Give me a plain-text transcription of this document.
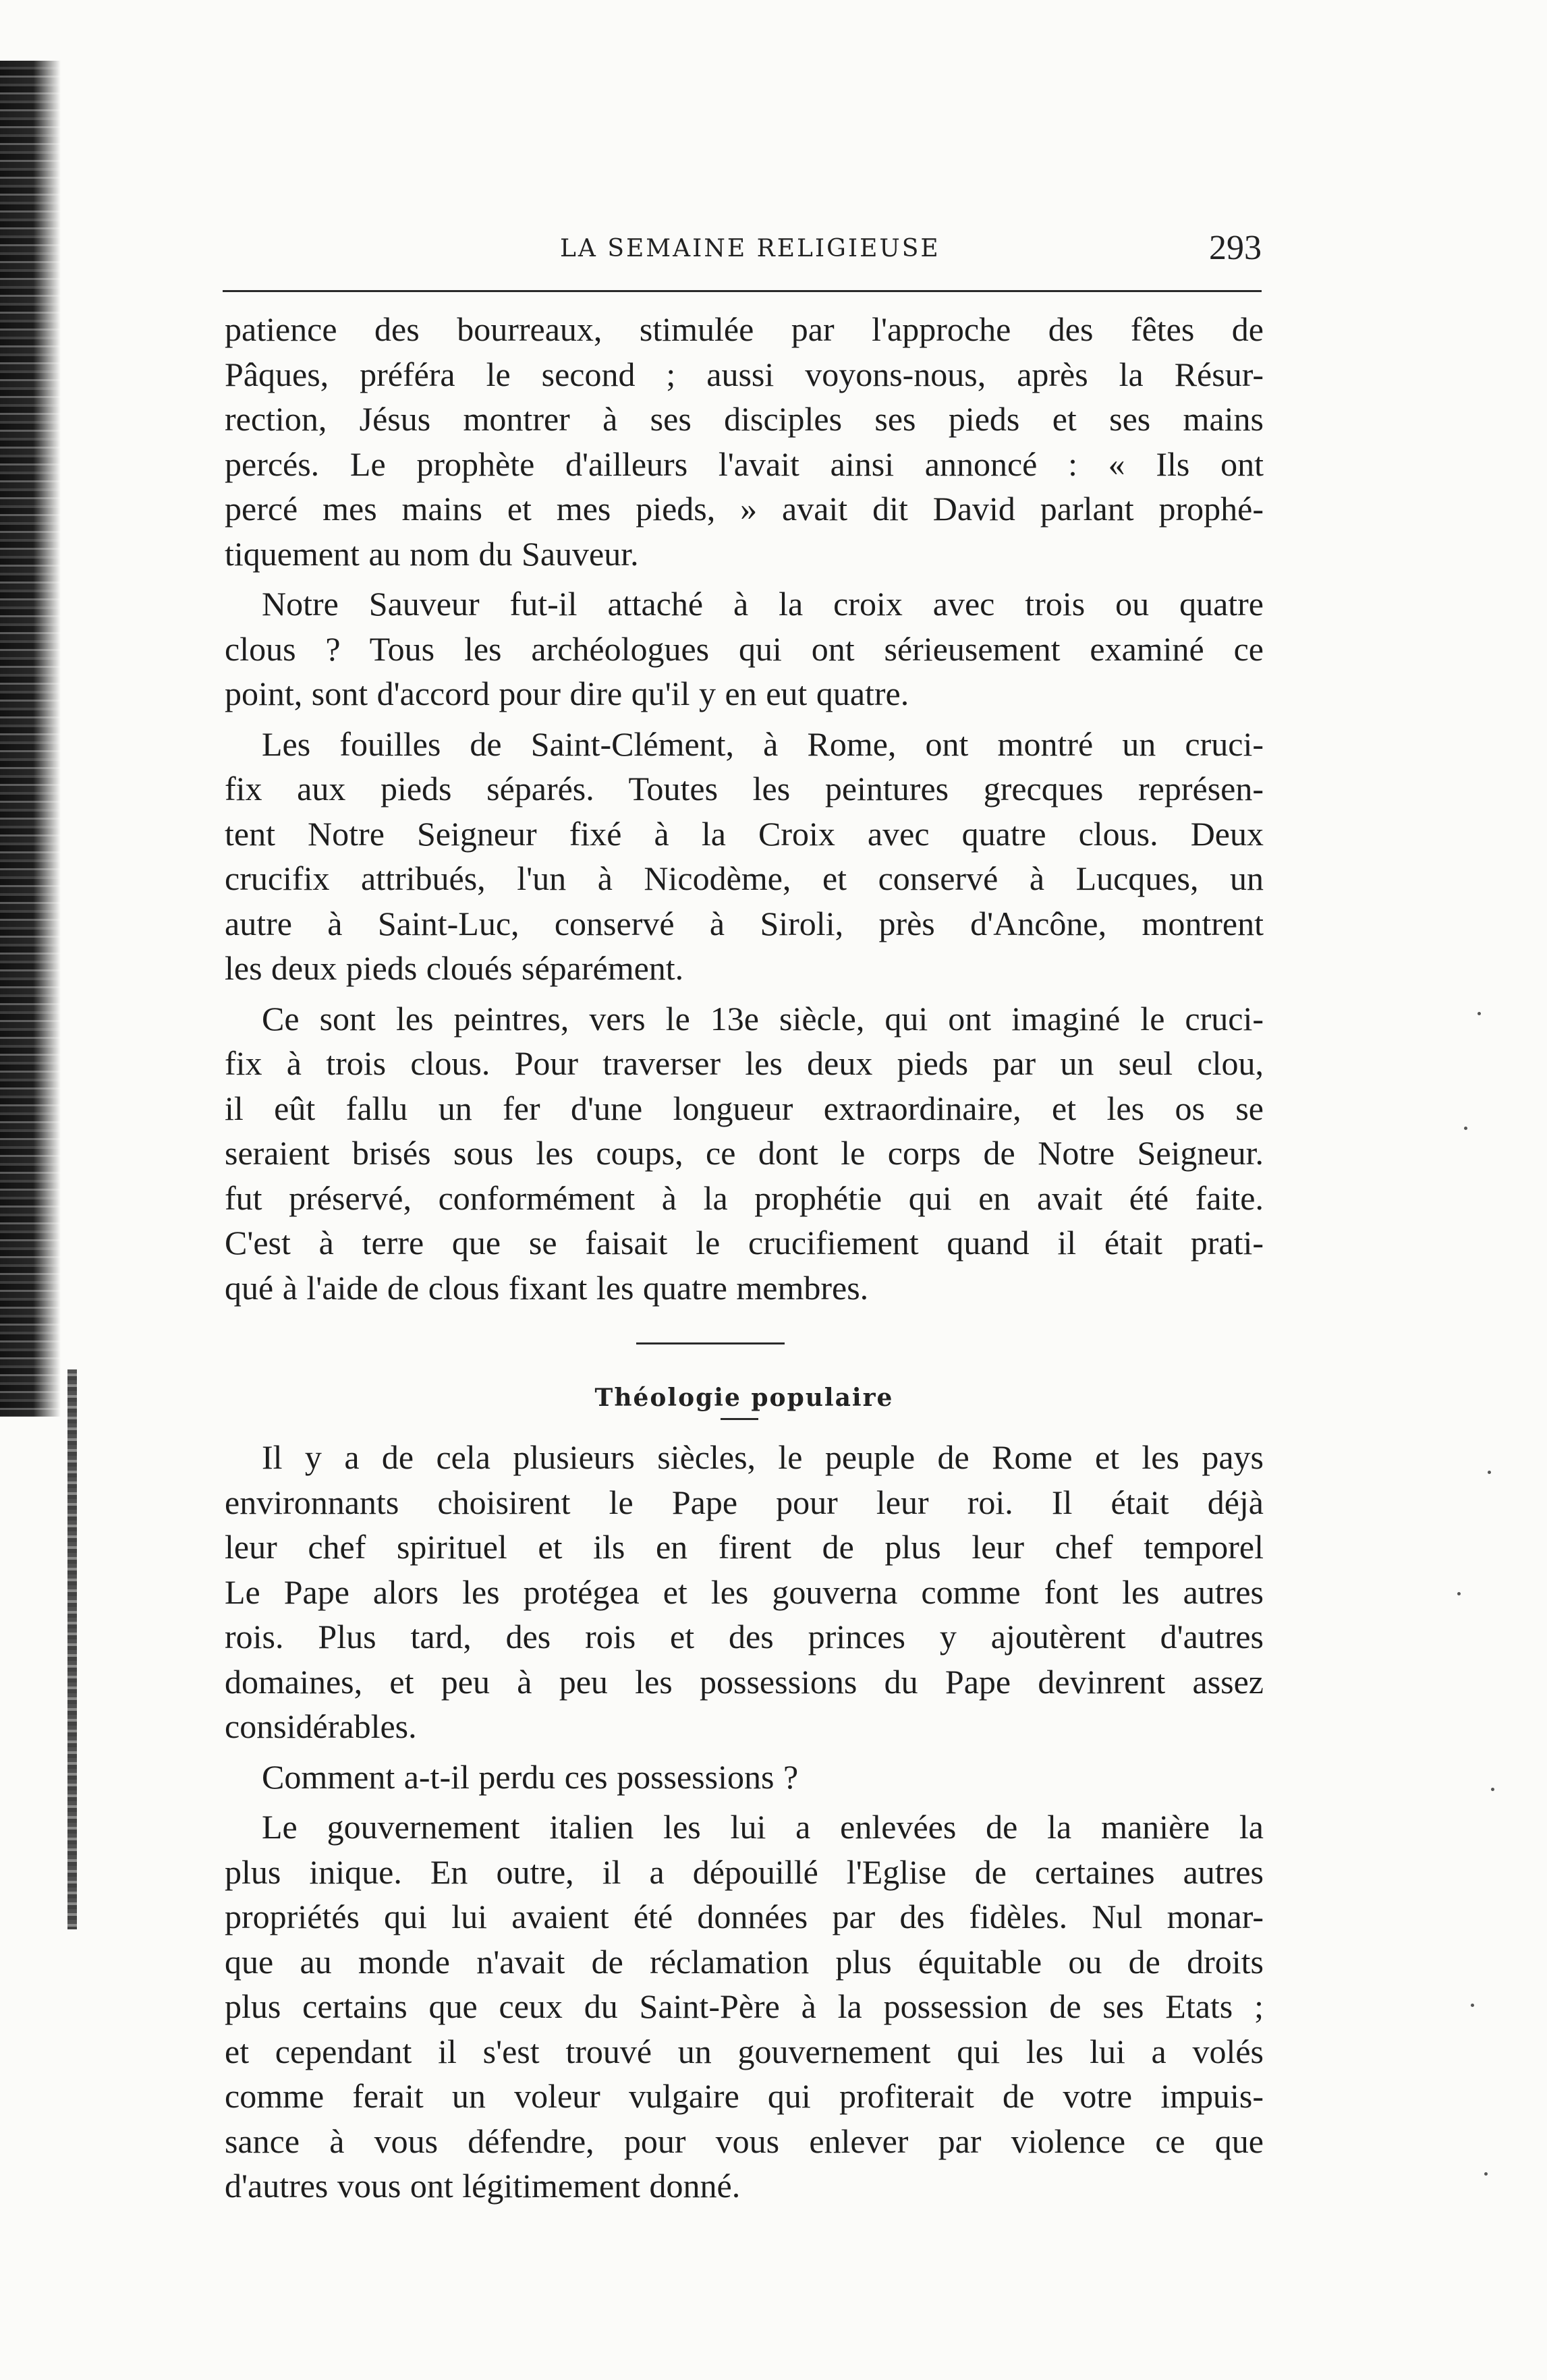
LA SEMAINE RELIGIEUSE	293

patience des bourreaux, stimulée par l'approche des fêtes de
Pâques, préféra le second ; aussi voyons-nous, après la Résur-
rection, Jésus montrer à ses disciples ses pieds et ses mains
percés. Le prophète d'ailleurs l'avait ainsi annoncé : « Ils ont
percé mes mains et mes pieds, » avait dit David parlant prophé-
tiquement au nom du Sauveur.

Notre Sauveur fut-il attaché à la croix avec trois ou quatre
clous ? Tous les archéologues qui ont sérieusement examiné ce
point, sont d'accord pour dire qu'il y en eut quatre.

Les fouilles de Saint-Clément, à Rome, ont montré un cruci-
fix aux pieds séparés. Toutes les peintures grecques représen-
tent Notre Seigneur fixé à la Croix avec quatre clous. Deux
crucifix attribués, l'un à Nicodème, et conservé à Lucques, un
autre à Saint-Luc, conservé à Siroli, près d'Ancône, montrent
les deux pieds cloués séparément.

Ce sont les peintres, vers le 13e siècle, qui ont imaginé le cruci-
fix à trois clous. Pour traverser les deux pieds par un seul clou,
il eût fallu un fer d'une longueur extraordinaire, et les os se
seraient brisés sous les coups, ce dont le corps de Notre Seigneur.
fut préservé, conformément à la prophétie qui en avait été faite.
C'est à terre que se faisait le crucifiement quand il était prati-
qué à l'aide de clous fixant les quatre membres.

Théologie populaire

Il y a de cela plusieurs siècles, le peuple de Rome et les pays
environnants choisirent le Pape pour leur roi. Il était déjà
leur chef spirituel et ils en firent de plus leur chef temporel
Le Pape alors les protégea et les gouverna comme font les autres
rois. Plus tard, des rois et des princes y ajoutèrent d'autres
domaines, et peu à peu les possessions du Pape devinrent assez
considérables.

Comment a-t-il perdu ces possessions ?

Le gouvernement italien les lui a enlevées de la manière la
plus inique. En outre, il a dépouillé l'Eglise de certaines autres
propriétés qui lui avaient été données par des fidèles. Nul monar-
que au monde n'avait de réclamation plus équitable ou de droits
plus certains que ceux du Saint-Père à la possession de ses Etats ;
et cependant il s'est trouvé un gouvernement qui les lui a volés
comme ferait un voleur vulgaire qui profiterait de votre impuis-
sance à vous défendre, pour vous enlever par violence ce que
d'autres vous ont légitimement donné.
